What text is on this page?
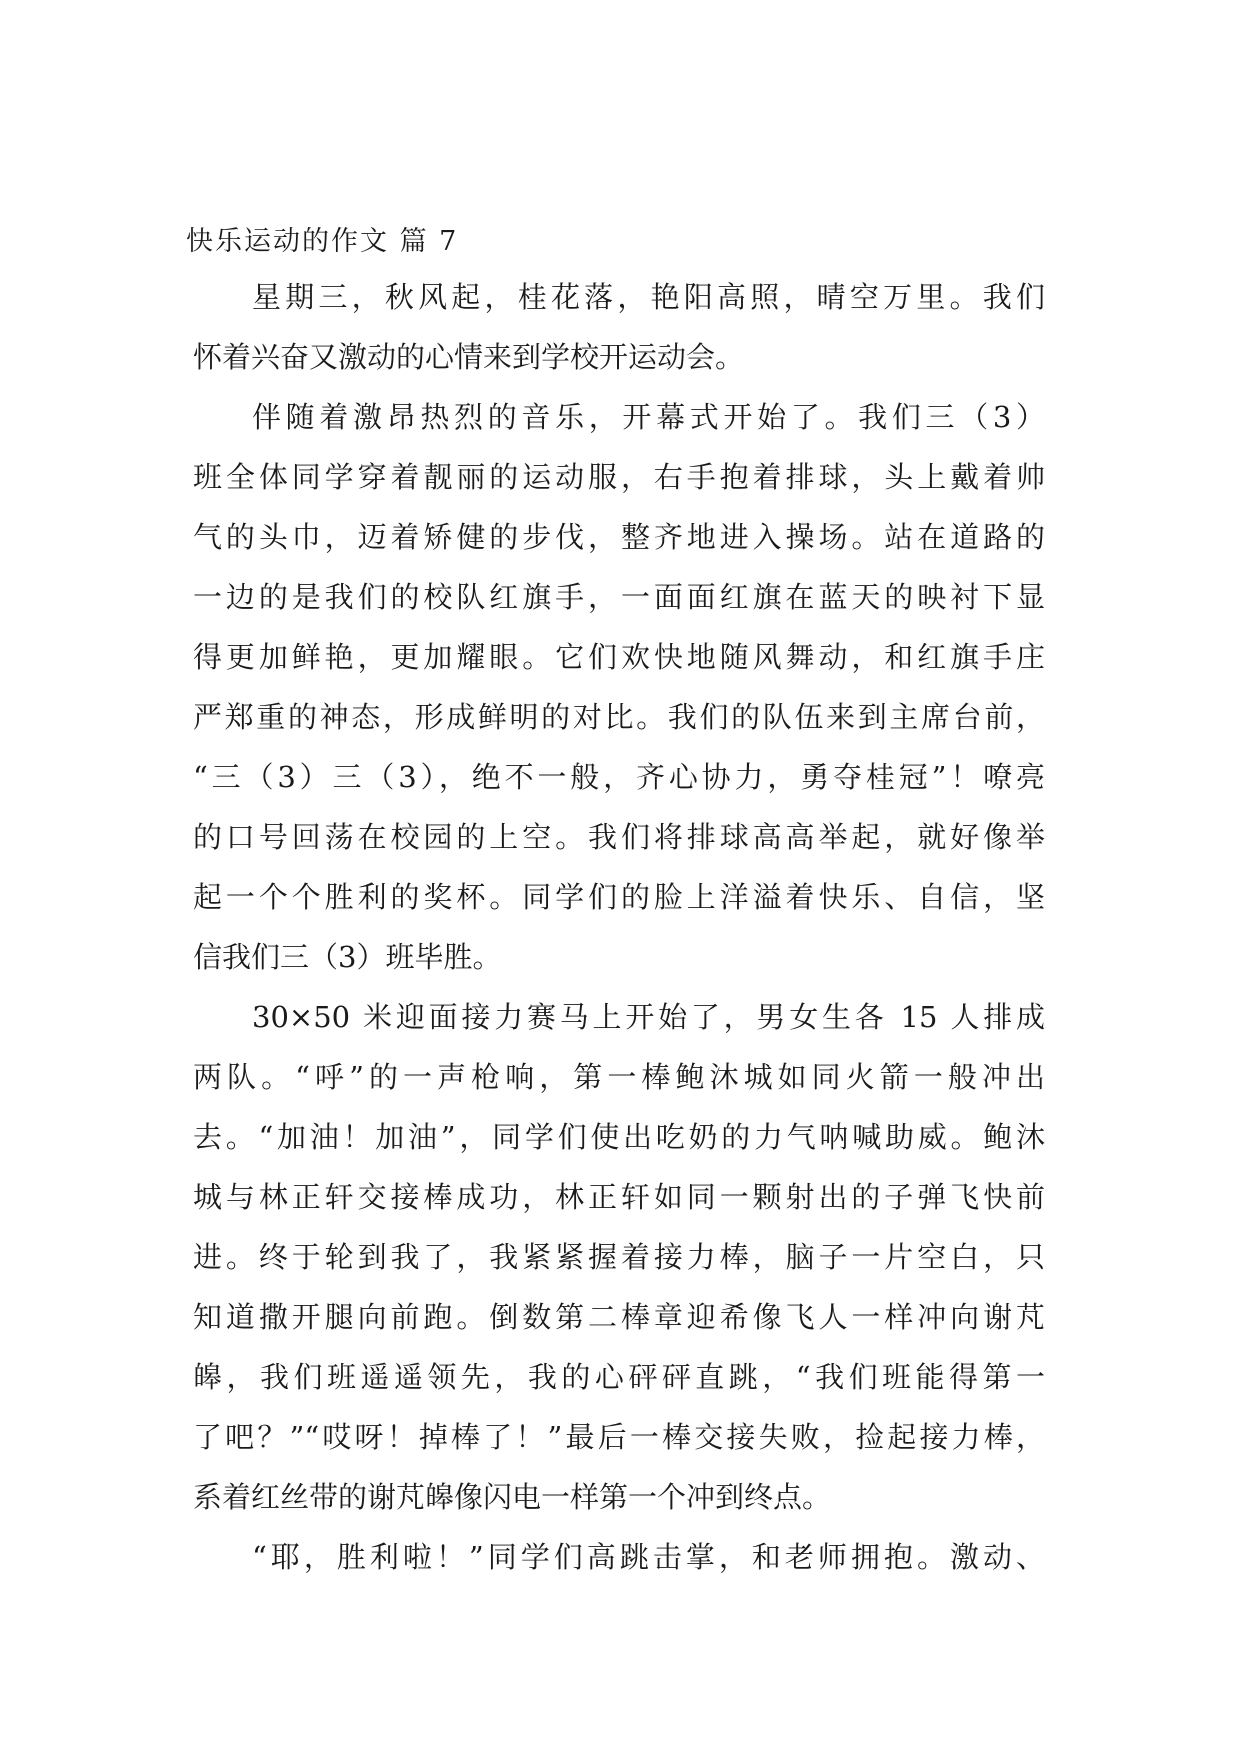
快乐运动的作文 篇 7
星期三，秋风起，桂花落，艳阳高照，晴空万里。我们
怀着兴奋又激动的心情来到学校开运动会。
伴随着激昂热烈的音乐，开幕式开始了。我们三（3）
班全体同学穿着靓丽的运动服，右手抱着排球，头上戴着帅
气的头巾，迈着矫健的步伐，整齐地进入操场。站在道路的
一边的是我们的校队红旗手，一面面红旗在蓝天的映衬下显
得更加鲜艳，更加耀眼。它们欢快地随风舞动，和红旗手庄
严郑重的神态，形成鲜明的对比。我们的队伍来到主席台前，
“三（3）三（3），绝不一般，齐心协力，勇夺桂冠”！嘹亮
的口号回荡在校园的上空。我们将排球高高举起，就好像举
起一个个胜利的奖杯。同学们的脸上洋溢着快乐、自信，坚
信我们三（3）班毕胜。
30×50 米迎面接力赛马上开始了，男女生各 15 人排成
两队。“呼”的一声枪响，第一棒鲍沐城如同火箭一般冲出
去。“加油！加油”，同学们使出吃奶的力气呐喊助威。鲍沐
城与林正轩交接棒成功，林正轩如同一颗射出的子弹飞快前
进。终于轮到我了，我紧紧握着接力棒，脑子一片空白，只
知道撒开腿向前跑。倒数第二棒章迎希像飞人一样冲向谢芃
皞，我们班遥遥领先，我的心砰砰直跳，“我们班能得第一
了吧？”“哎呀！掉棒了！”最后一棒交接失败，捡起接力棒，
系着红丝带的谢芃皞像闪电一样第一个冲到终点。
“耶，胜利啦！”同学们高跳击掌，和老师拥抱。激动、
